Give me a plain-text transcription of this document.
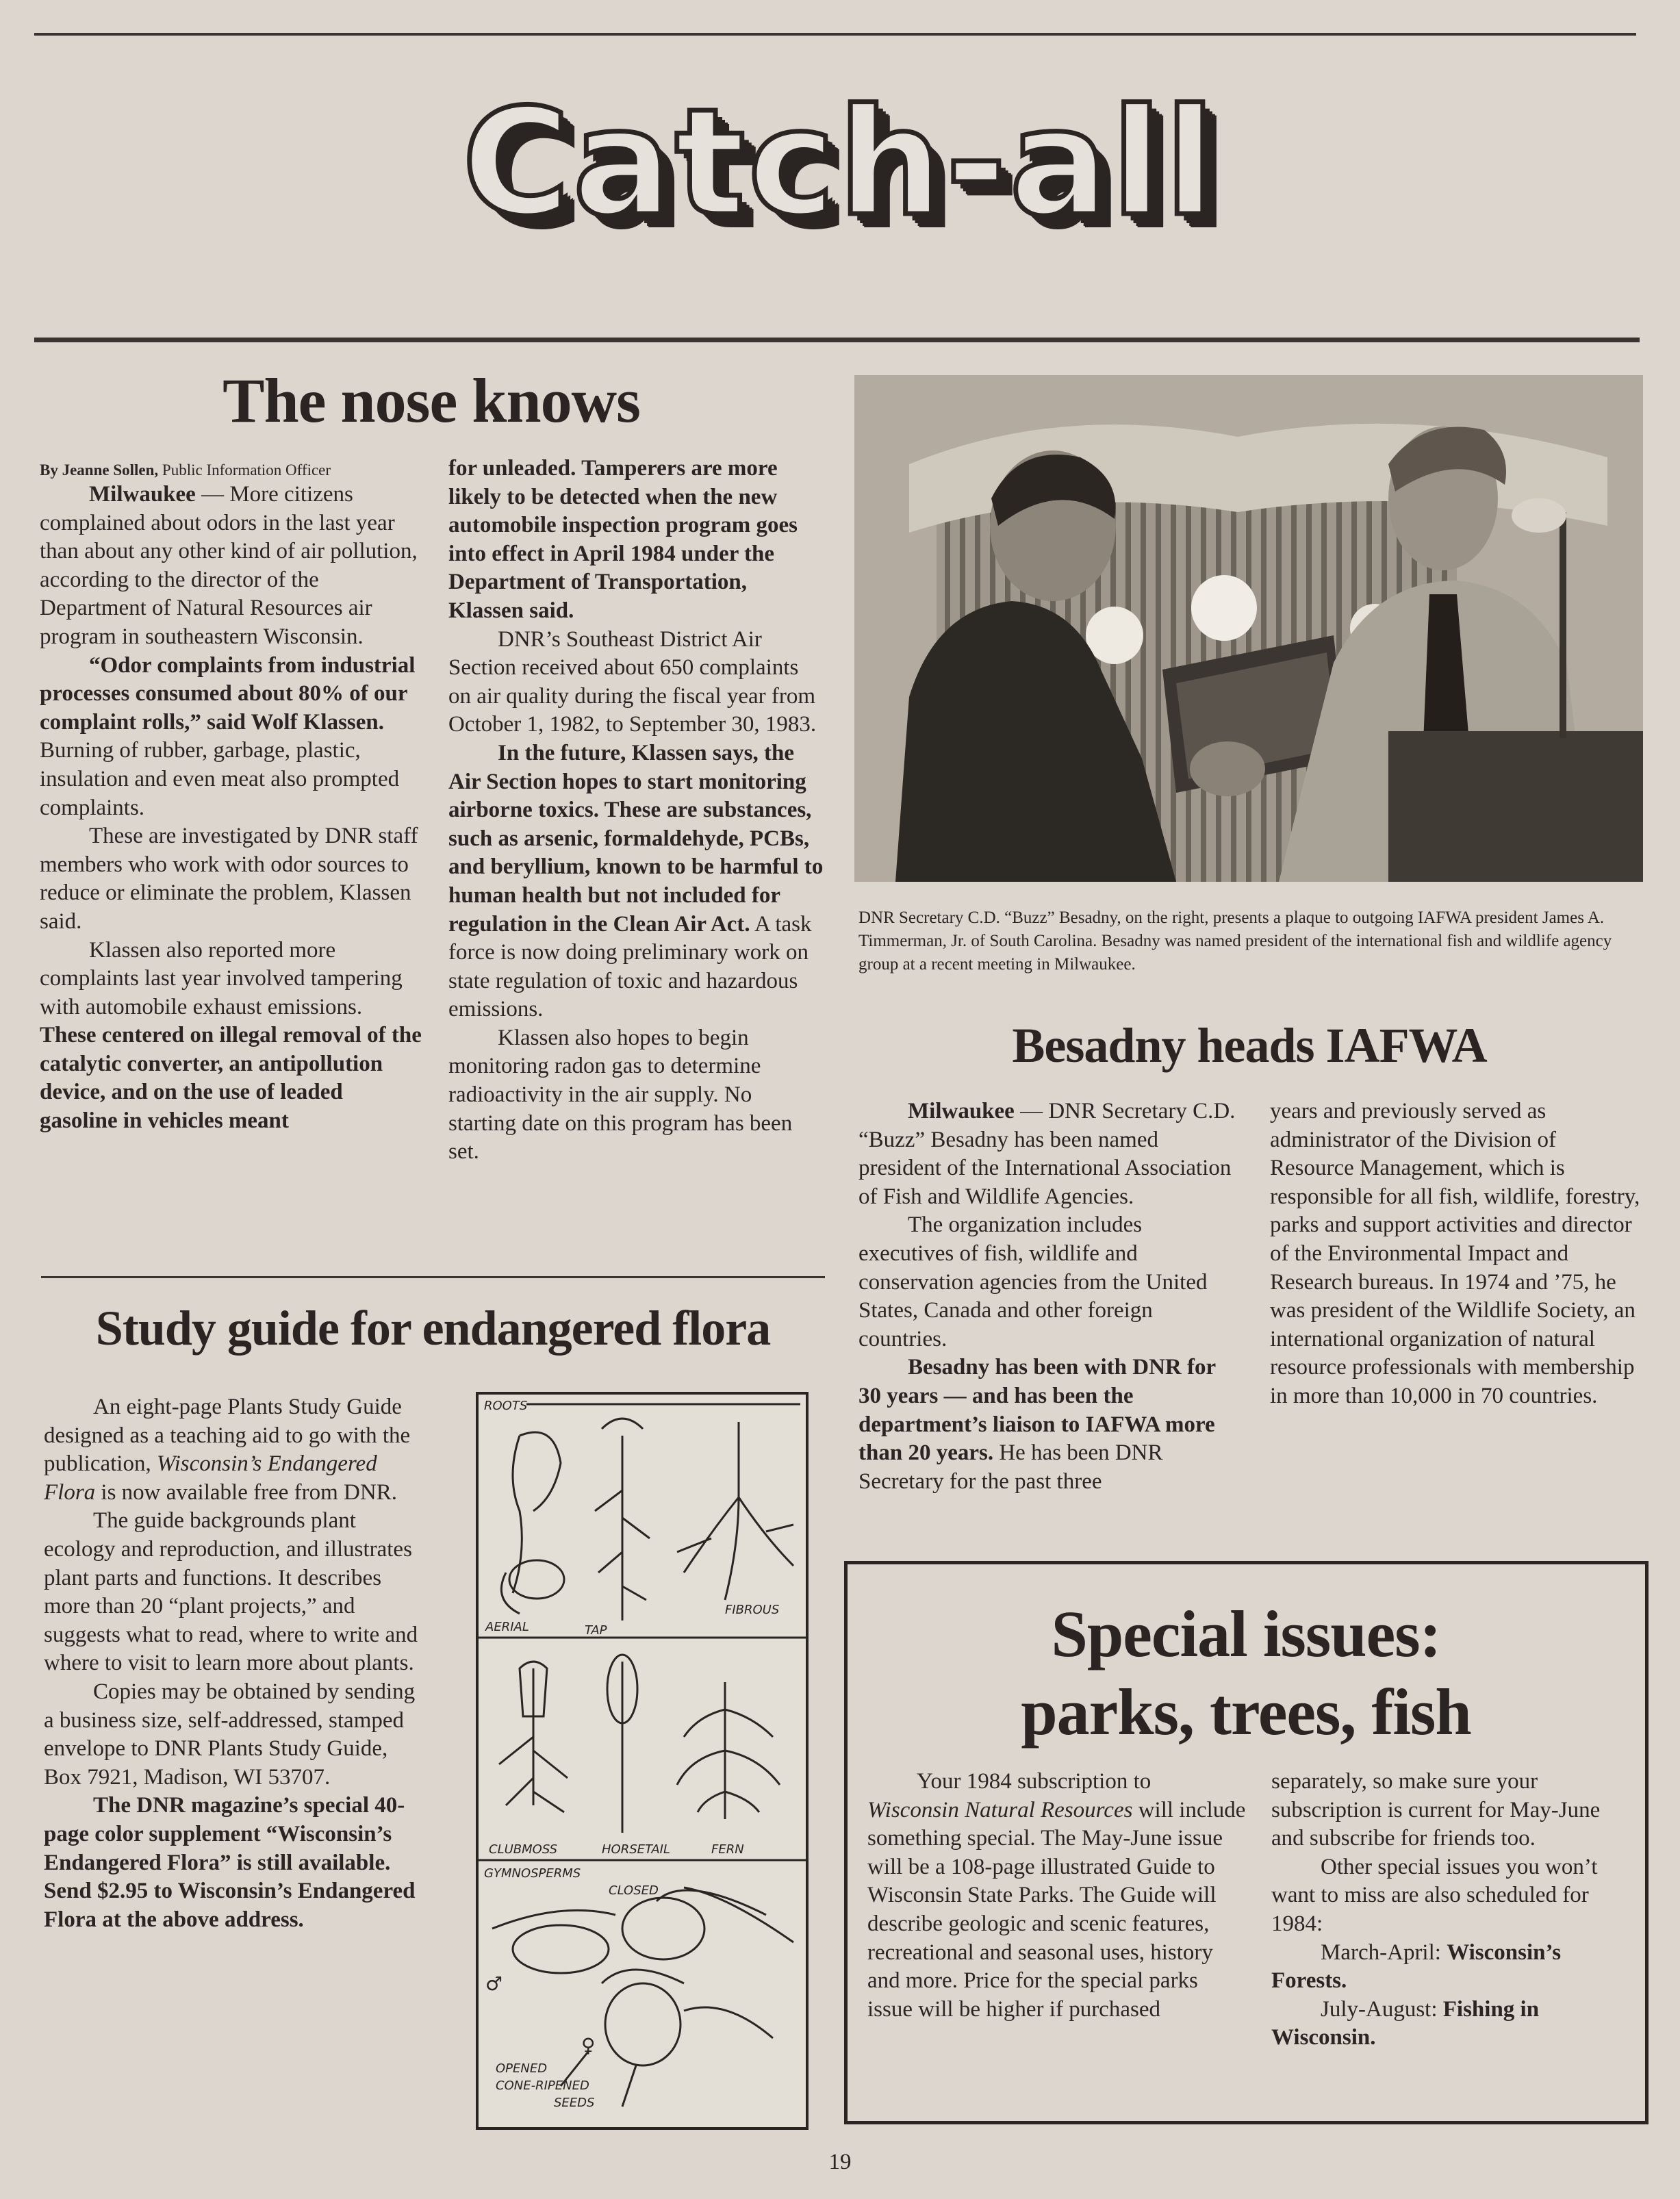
Catch-all
The nose knows
By Jeanne Sollen, Public Information Officer

Milwaukee — More citizens complained about odors in the last year than about any other kind of air pollution, according to the director of the Department of Natural Resources air program in southeastern Wisconsin.

“Odor complaints from industrial processes consumed about 80% of our complaint rolls,” said Wolf Klassen. Burning of rubber, garbage, plastic, insulation and even meat also prompted complaints.

These are investigated by DNR staff members who work with odor sources to reduce or eliminate the problem, Klassen said.

Klassen also reported more complaints last year involved tampering with automobile exhaust emissions. These centered on illegal removal of the catalytic converter, an antipollution device, and on the use of leaded gasoline in vehicles meant

for unleaded. Tamperers are more likely to be detected when the new automobile inspection program goes into effect in April 1984 under the Department of Transportation, Klassen said.

DNR’s Southeast District Air Section received about 650 complaints on air quality during the fiscal year from October 1, 1982, to September 30, 1983.

In the future, Klassen says, the Air Section hopes to start monitoring airborne toxics. These are substances, such as arsenic, formaldehyde, PCBs, and beryllium, known to be harmful to human health but not included for regulation in the Clean Air Act. A task force is now doing preliminary work on state regulation of toxic and hazardous emissions.

Klassen also hopes to begin monitoring radon gas to determine radioactivity in the air supply. No starting date on this program has been set.

DNR Secretary C.D. “Buzz” Besadny, on the right, presents a plaque to outgoing IAFWA president James A. Timmerman, Jr. of South Carolina. Besadny was named president of the international fish and wildlife agency group at a recent meeting in Milwaukee.
Besadny heads IAFWA

Milwaukee — DNR Secretary C.D. “Buzz” Besadny has been named president of the International Association of Fish and Wildlife Agencies.

The organization includes executives of fish, wildlife and conservation agencies from the United States, Canada and other foreign countries.

Besadny has been with DNR for 30 years — and has been the department’s liaison to IAFWA more than 20 years. He has been DNR Secretary for the past three

years and previously served as administrator of the Division of Resource Management, which is responsible for all fish, wildlife, forestry, parks and support activities and director of the Environmental Impact and Research bureaus. In 1974 and ’75, he was president of the Wildlife Society, an international organization of natural resource professionals with membership in more than 10,000 in 70 countries.

Study guide for endangered flora

An eight-page Plants Study Guide designed as a teaching aid to go with the publication, Wisconsin’s Endangered Flora is now available free from DNR.

The guide backgrounds plant ecology and reproduction, and illustrates plant parts and functions. It describes more than 20 “plant projects,” and suggests what to read, where to write and where to visit to learn more about plants.

Copies may be obtained by sending a business size, self-addressed, stamped envelope to DNR Plants Study Guide, Box 7921, Madison, WI 53707.

The DNR magazine’s special 40-page color supplement “Wisconsin’s Endangered Flora” is still available. Send $2.95 to Wisconsin’s Endangered Flora at the above address.

ROOTS
AERIAL	TAP
FIBROUS
CLUBMOSS	HORSETAIL	FERN
GYMNOSPERMS
CLOSED
OPENED
CONE-RIPENED
SEEDS
♂
♀
Special issues:
parks, trees, fish

Your 1984 subscription to Wisconsin Natural Resources will include something special. The May-June issue will be a 108-page illustrated Guide to Wisconsin State Parks. The Guide will describe geologic and scenic features, recreational and seasonal uses, history and more. Price for the special parks issue will be higher if purchased

separately, so make sure your subscription is current for May-June and subscribe for friends too.

Other special issues you won’t want to miss are also scheduled for 1984:

March-April: Wisconsin’s Forests.

July-August: Fishing in Wisconsin.

19
